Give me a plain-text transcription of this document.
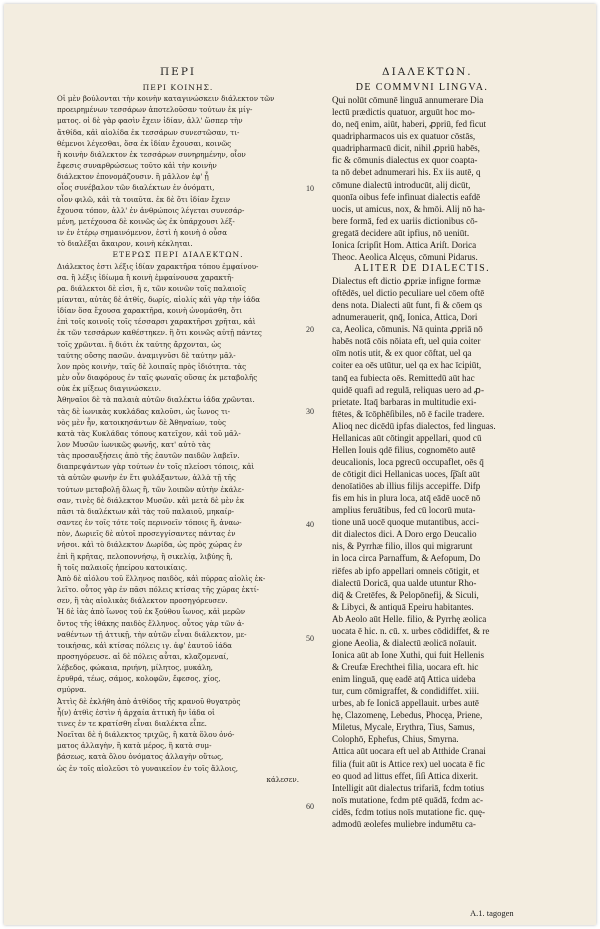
ΠΕΡΙ	ΔΙΑΛΕΚΤΩΝ.
ΠΕΡΙ ΚΟΙΝΗΣ.
Οἱ μὲν βούλονται τὴν κοινὴν καταγινώσκειν διάλεκτον τῶν
προειρημένων τεσσάρων ἀποτελοῦσαν τούτων ἐκ μίγ-
ματος. οἱ δὲ γὰρ φασὶν ἔχειν ἰδίαν, ἀλλ' ὥσπερ τὴν
ἄτθίδα, κἀὶ αἰολίδα ἐκ τεσσάρων συνεστῶσαν, τι-
θέμενοι λέγεσθαι, ὅσα ἐκ ἰδίαν ἔχουσαι, κοινῶς
ἢ κοινὴν διάλεκτον ἐκ τεσσάρων συνηρημένην, οἷον
ἔφεσις συναρθρώσεως τοῦτο κἀὶ τὴν κοινὴν
διάλεκτον ἐπονομάζουσιν. ἢ μᾶλλον ἐφ' ᾗ
οἷος συνέβαλον τῶν διαλέκτων ἐν ὀνόματι,
οἷον φιλῶ, κἀὶ τὰ τοιαῦτα. ἐκ δὲ ὅτι ἰδίαν ἔχειν
ἔχουσα τόπον, ἀλλ' ἐν ἀνθρώποις λέγεται συνεσάρ-
μένη, μετέχουσα δὲ κοινῶς ὡς ἐκ ὑπάρχουσι λέξ-
ιν ἐν ἑτέρῳ σημαινόμενον, ἐστὶ ἡ κοινὴ ὁ οὖσα
τὸ διαλέξαι ἄκαιρον, κοινὴ κέκληται.
ΕΤΕΡΩΣ ΠΕΡΙ ΔΙΑΛΕΚΤΩΝ.
Διάλεκτος ἐστι λέξις ἰδίαν χαρακτῆρα τόπου ἐμφαίνου-
σα. ἢ λέξις ἰδίωμα ἢ κοινὴ ἐμφαίνουσα χαρακτῆ-
ρα. διάλεκτοι δὲ εἰσι, ἢ ε, τῶν κοινῶν τοῖς παλαιοῖς
μίανται, αὐτὰς δὲ ἀτθίς, δωρίς, αἰολίς κἀὶ γὰρ τὴν ἰάδα
ἰδίαν ὅσα ἔχουσα χαρακτῆρα, κοινὴ ὠνομάσθη, ὅτι
ἐπὶ τοῖς κοινοῖς τοῖς τέσσαρσι χαρακτῆρσι χρῆται, κἀὶ
ἐκ τῶν τεσσάρων καθέστηκεν. ἢ ὅτι κοινῶς αὐτῇ πάντες
τοῖς χρῶνται. ἢ διότι ἐκ ταύτης ἄρχονται, ὡς
ταύτης οὔσης πασῶν. ἀναμιγνῦσι δὲ ταύτην μᾶλ-
λον πρὸς κοινὴν, ταῖς δὲ λοιπαῖς πρὸς ἰδιότητα. τὰς
μὲν οὖν διαφόρους ἐν ταῖς φωναῖς οὔσας ἐκ μεταβολῆς
οὐκ ἐκ μίξεως διαγινώσκειν.
Ἀθηναῖοι δὲ τὰ παλαιὰ αὐτῶν διαλέκτω ἰάδα χρῶνται.
τὰς δὲ ἰωνικὰς κυκλάδας καλοῦσι, ὡς ἴωνος τι-
νὸς μὲν ἦν, κατοικησάντων δὲ Ἀθηναίων, τοὺς
κατὰ τὰς Κυκλάδας τόπους κατεῖχον, κἀὶ τοῦ μᾶλ-
λον Μυσῶν ἰωνικῶς φωνῆς, κατ' αὐτὸ τὰς
τὰς προσαυξήσεις ἀπὸ τῆς ἑαυτῶν παιδῶν λαβεῖν.
διαπρεψάντων γὰρ τούτων ἐν τοῖς πλείοσι τόποις, κἀὶ
τὰ αὐτῶν φωνὴν ἐν ἔτι φυλάξαντων, ἀλλὰ τῇ τῆς
τούτων μεταβολῇ ὅλως ἢ, τῶν λοιπῶν αὐτὴν ἐκάλε-
σαν, τινὲς δὲ διάλεκτον Μυσῶν. κἀὶ μετὰ δὲ μὲν ἐκ
πᾶσι τὰ διαλέκτων κἀὶ τὰς τοῦ παλαιοῦ, μηκαίρ-
σαντες ἐν τοῖς τότε τοῖς περινοεῖν τόποις ἢ, ἀναω-
πὸν, Δωριεῖς δὲ αὐτοῖ προσεγγίσαντες πάντας ἐν
νήσοι. κἀὶ τὸ διάλεκτον Δωρίδα, ὡς πρὸς χώρας ἐν
ἐπὶ ἢ κρῆτας, πελοποννήσῳ, ἢ σικελίᾳ, λιβύης ἢ,
ἢ τοῖς παλαιοῖς ἠπείρου κατοικίαις.
Ἀπὸ δὲ αἰόλου τοῦ ἕλληνος παιδὸς, κἀὶ πύρρας αἰολὶς ἐκ-
λεῖτο. οὗτος γὰρ ἐν πᾶσι πόλεις κτίσας τῆς χώρας ἐκτί-
σεν, ἢ τὰς αἰολικὰς διάλεκτον προσηγόρευσεν.
Ἡ δὲ ἰὰς ἀπὸ ἴωνος τοῦ ἐκ ξούθου ἴωνος, κἀὶ μερῶν
ὄντος τῆς ἰθάκης παιδὸς ἕλληνος. οὗτος γὰρ τῶν ἀ-
ναθέντων τῇ ἀττικῇ, τὴν αὐτῶν εἶναι διάλεκτον, με-
τοικήσας, κἀὶ κτίσας πόλεις ιγ. ἀφ' ἑαυτοῦ ἰάδα
προσηγόρευσε. αἱ δὲ πόλεις αὗται, κλαζομεναί,
λέβεδος, φώκαια, πριήνη, μίλητος, μυκάλη,
ἐρυθρά, τέως, σάμος, κολοφῶν, ἔφεσος, χίος,
σμύρνα.
Ἀττὶς δὲ ἐκλήθη ἀπὸ ἀτθίδος τῆς κρανοῦ θυγατρὸς
ἦ(ν) ἀτθὶς ἐστὶν ἡ ἀρχαία ἀττικὴ ἣν ἰάδα οἱ
τινες ἐν τε κρατίσθη εἶναι διαλέκτα εἶπε.
Νοεῖται δὲ ἡ διάλεκτος τριχῶς, ἢ κατὰ ὅλου ὀνό-
ματος ἀλλαγὴν, ἢ κατὰ μέρος, ἢ κατὰ συμ-
βάσεως, κατὰ ὅλου ὀνόματος ἀλλαγὴν οὕτως,
ὡς ἐν τοῖς αἰολεῦσι τὸ γυναικεῖον ἐν τοῖς ἄλλοις,
κάλεσεν.
DE COMMVNI LINGVA.
Qui nolūt cōmunē linguā annumerare Dia
lectū prædictis quatuor, arguūt hoc mo-
do, neq̄ enim, aiūt, haberi, ꝓpriū, fed ficut
quadripharmacos uis ex quatuor cōstās,
quadripharmacū dicit, nihil ꝓpriū habēs,
fic & cōmunis dialectus ex quor coapta-
ta nō debet adnumerari his. Ex iis autē, q
cōmune dialectū introducūt, alij dicūt,
quonīa oibus fefe infinuat dialectis eafdē
uocis, ut amicus, nox, & hmōi. Alij nō ha-
bere formā, fed ex uariis dictionibus cō-
gregatā decidere aūt ipfius, nō ueniūt.
Ionica ſcripſit Hom. Attica Ariſt. Dorica
Theoc. Aeolica Alcęus, cōmuni Pidarus.
ALITER DE DIALECTIS.
Dialectus eft dictio ꝓpriæ infigne formæ
oftēdēs, uel dictio peculiare uel cōem oftē
dens nota. Dialecti aūt funt, fi & cōem qs
adnumerauerit, qnq̄, Ionica, Attica, Dori
ca, Aeolica, cōmunis. Nā quinta ꝓpriā nō
habēs notā cōis nōiata eft, uel quia coiter
oīm notis utit, & ex quor cōftat, uel qa
coiter ea oēs utūtur, uel qa ex hac īcipiūt,
tanq̄ ea fubiecta oēs. Remittedū aūt hac
quidē quafi ad regulā, reliquas uero ad ꝓ-
prietate. Itaq̄ barbaras in multitudie exi-
ftētes, & īcōphēſibiles, nō ē facile tradere.
Alioq nec dicēdū ipfas dialectos, fed linguas.
Hellanicas aūt cōtingit appellari, quod cū
Hellen Iouis qdē filius, cognomēto autē
deucalionis, loca pgrecū occupaflet, oēs q̄
de cōtigit dici Hellanicas uoces, ſ͠paſt aūt
denoīatiōes ab illius filijs accepiffe. Difp
fis em his in plura loca, atq̄ eādē uocē nō
amplius feruātibus, fed cū locorū muta-
tione unā uocē quoque mutantibus, acci-
dit dialectos dici. A Doro ergo Deucalio
nis, & Pyrrhæ filio, illos qui migrarunt
in loca circa Parnaffum, & Aefopum, Do
riēfes ab ipfo appellari omneis cōtigit, et
dialectū Doricā, qua ualde utuntur Rho-
diq̄ & Cretēfes, & Pelopōnefij, & Siculi,
& Libyci, & antiquā Epeiru habitantes.
Ab Aeolo aūt Helle. filio, & Pyrrhę æolica
uocata ē hic. n. cū. x. urbes cōdidiffet, & re
gione Aeolia, & dialectū æolicā noīauit.
Ionica aūt ab Ione Xuthi, qui fuit Hellenis
& Creufæ Erechthei filia, uocara eft. hic
enim linguā, quę eadē atq̄ Attica uideba
tur, cum cōmigraffet, & condidiffet. xiii.
urbes, ab fe Ionicā appellauit. urbes autē
hę, Clazomenę, Lebedus, Phocęa, Priene,
Miletus, Mycale, Erythra, Tius, Samus,
Colophō, Ephefus, Chius, Smyrna.
Attica aūt uocara eft uel ab Atthide Cranai
filia (fuit aūt is Attice rex) uel uocata ē fic
eo quod ad littus effet, ſiſi Attica dixerit.
Intelligit aūt dialectus trifariā, fcdm totius
noīs mutatione, fcdm ptē quādā, fcdm ac-
cidēs, fcdm totius noīs mutatione fic. quę-
admodū æolefes muliebre indumētu ca-
10
20
30
40
50
60
A.1. tagogen
